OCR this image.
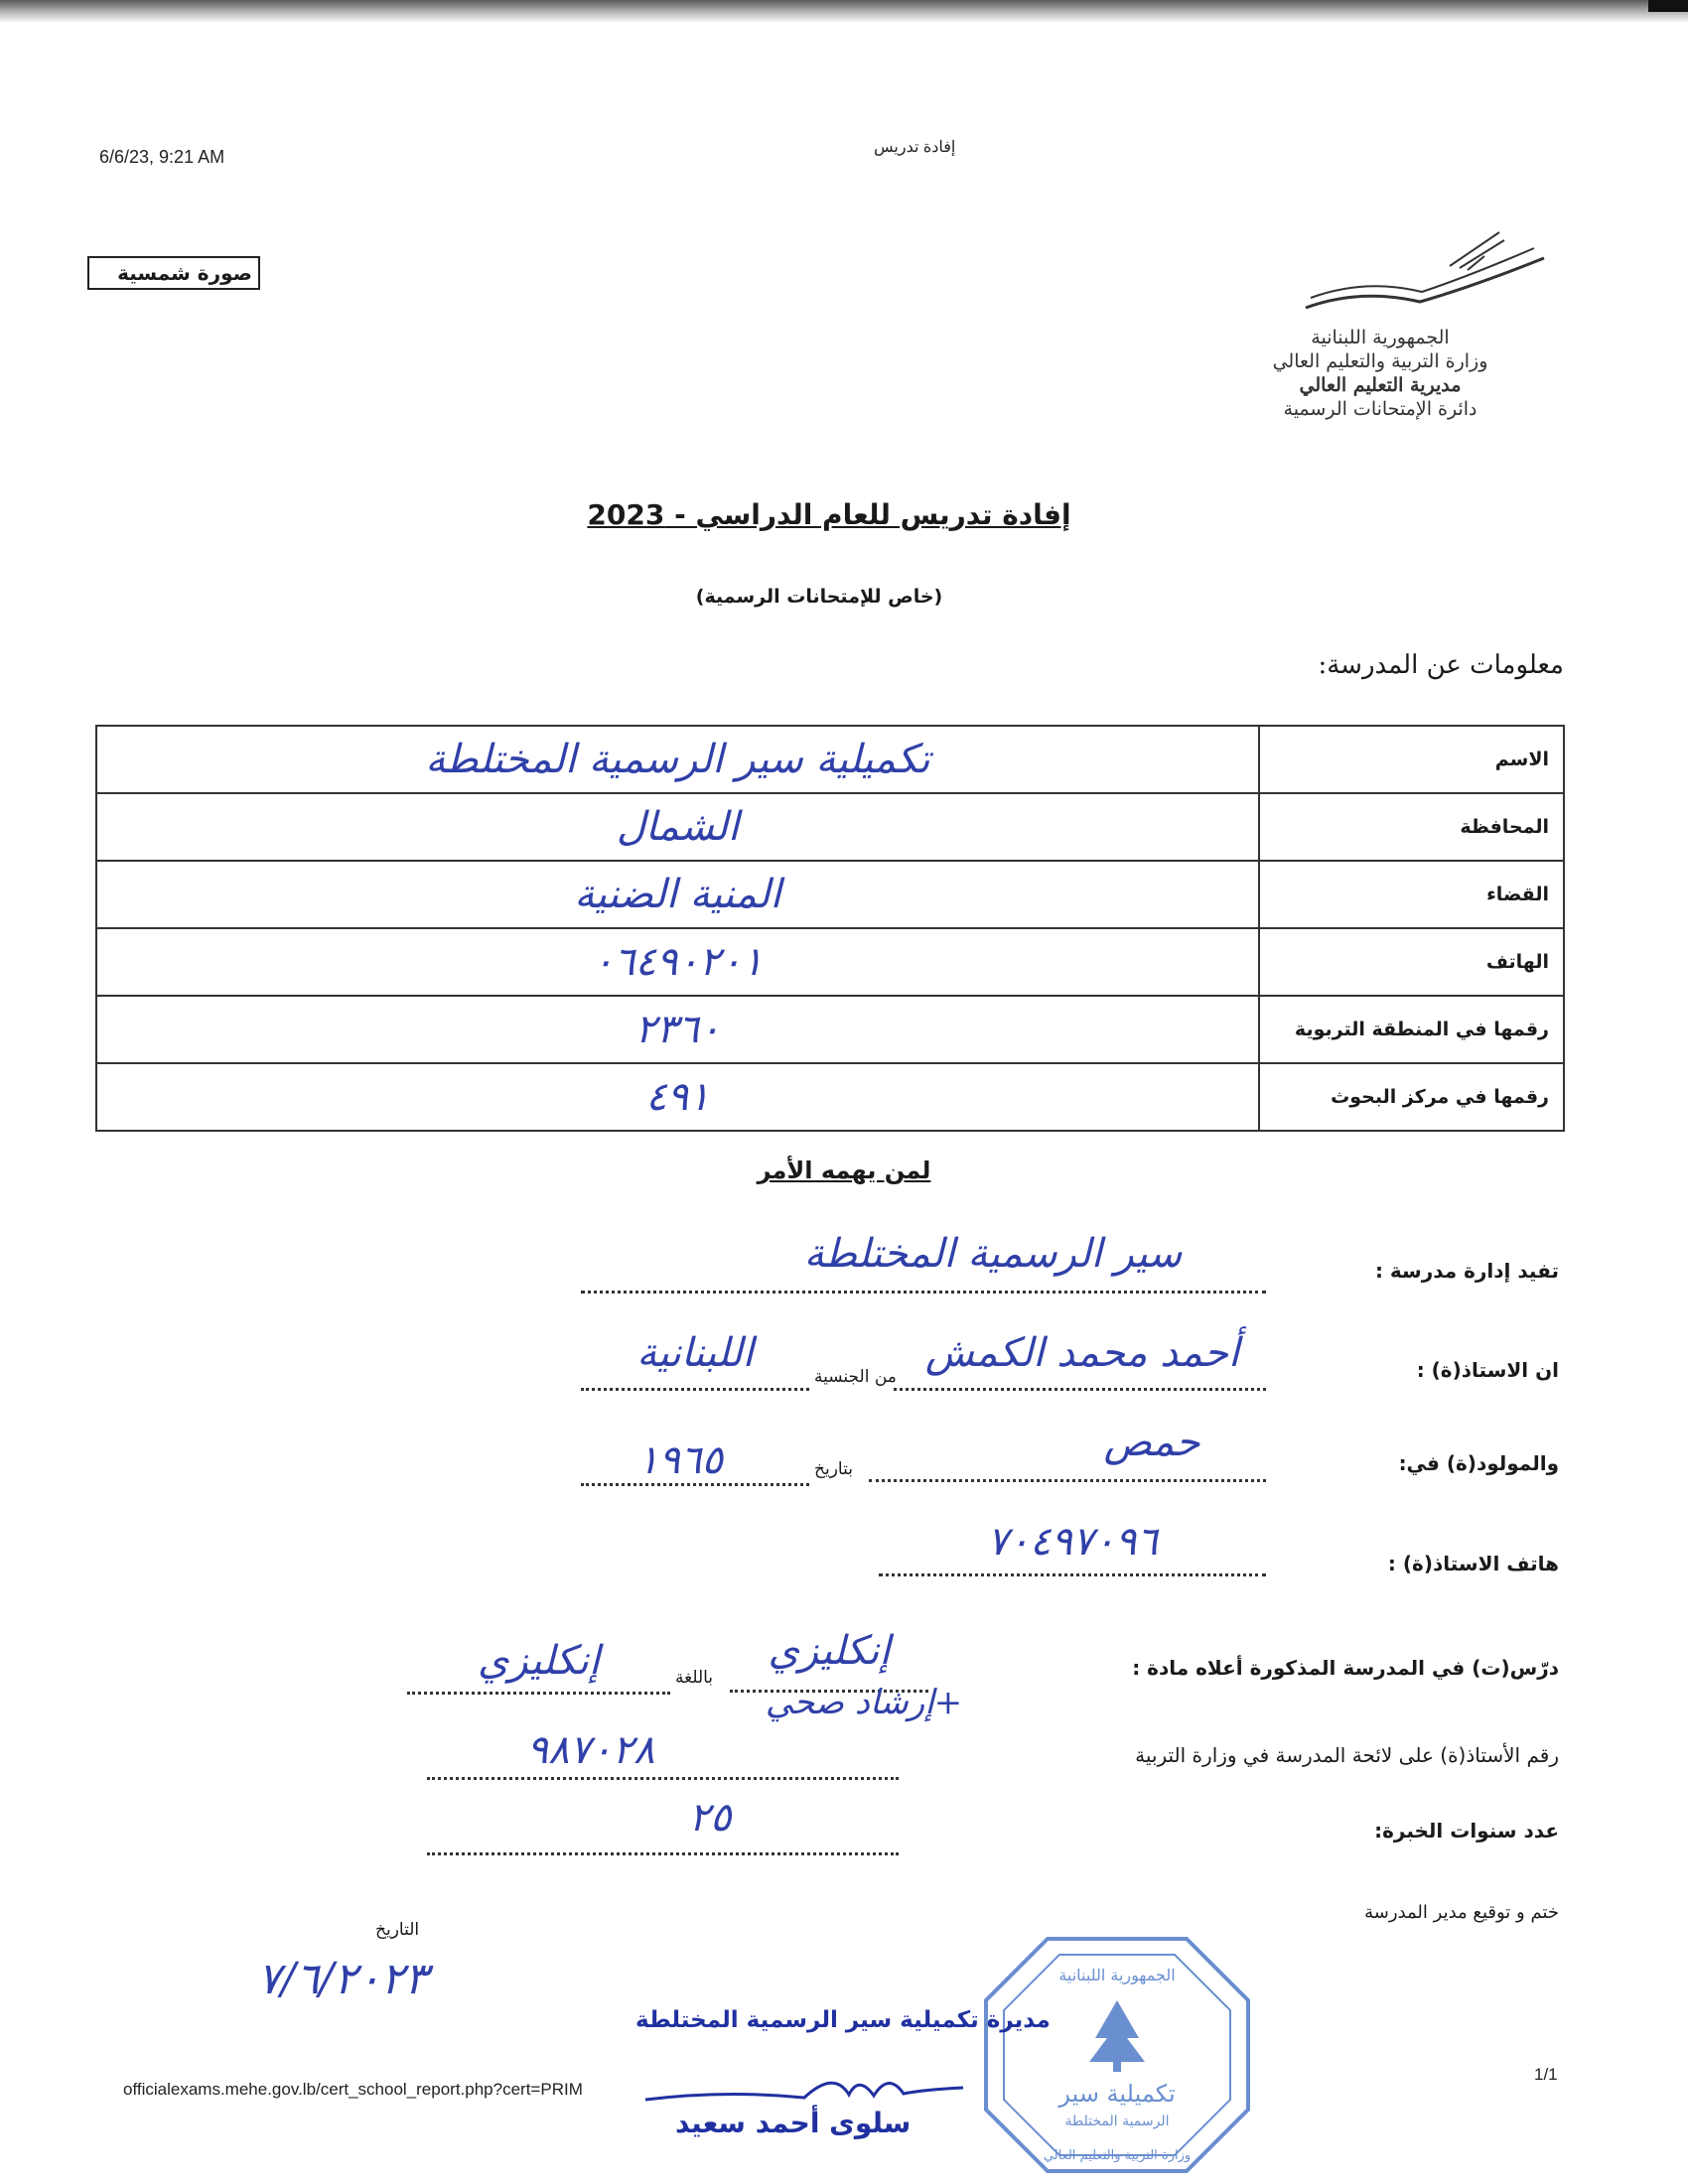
6/6/23, 9:21 AM	إفادة تدريس
صورة شمسية
الجمهورية اللبنانية
وزارة التربية والتعليم العالي
مديرية التعليم العالي
دائرة الإمتحانات الرسمية
إفادة تدريس للعام الدراسي - 2023
(خاص للإمتحانات الرسمية)
معلومات عن المدرسة:
تكميلية سير الرسمية المختلطة	الاسم
الشمال	المحافظة
المنية الضنية	القضاء
٠٦٤٩٠٢٠١	الهاتف
٢٣٦٠	رقمها في المنطقة التربوية
٤٩١	رقمها في مركز البحوث
لمن يهمه الأمر
تفيد إدارة مدرسة :
سير الرسمية المختلطة
ان الاستاذ(ة) :
أحمد محمد الكمش
من الجنسية
اللبنانية
والمولود(ة) في:
حمص
بتاريخ
١٩٦٥
هاتف الاستاذ(ة) :
٧٠٤٩٧٠٩٦
درّس(ت) في المدرسة المذكورة أعلاه مادة :
إنكليزي
+إرشاد صحي
باللغة
إنكليزي
رقم الأستاذ(ة) على لائحة المدرسة في وزارة التربية
٩٨٧٠٢٨
عدد سنوات الخبرة:
٢٥
ختم و توقيع مدير المدرسة
التاريخ
٧/٦/٢٠٢٣	الجمهورية اللبنانية
تكميلية سير
الرسمية المختلطة
وزارة التربية والتعليم العالي
مديرة تكميلية سير الرسمية المختلطة
سلوى أحمد سعيد
officialexams.mehe.gov.lb/cert_school_report.php?cert=PRIM
1/1
